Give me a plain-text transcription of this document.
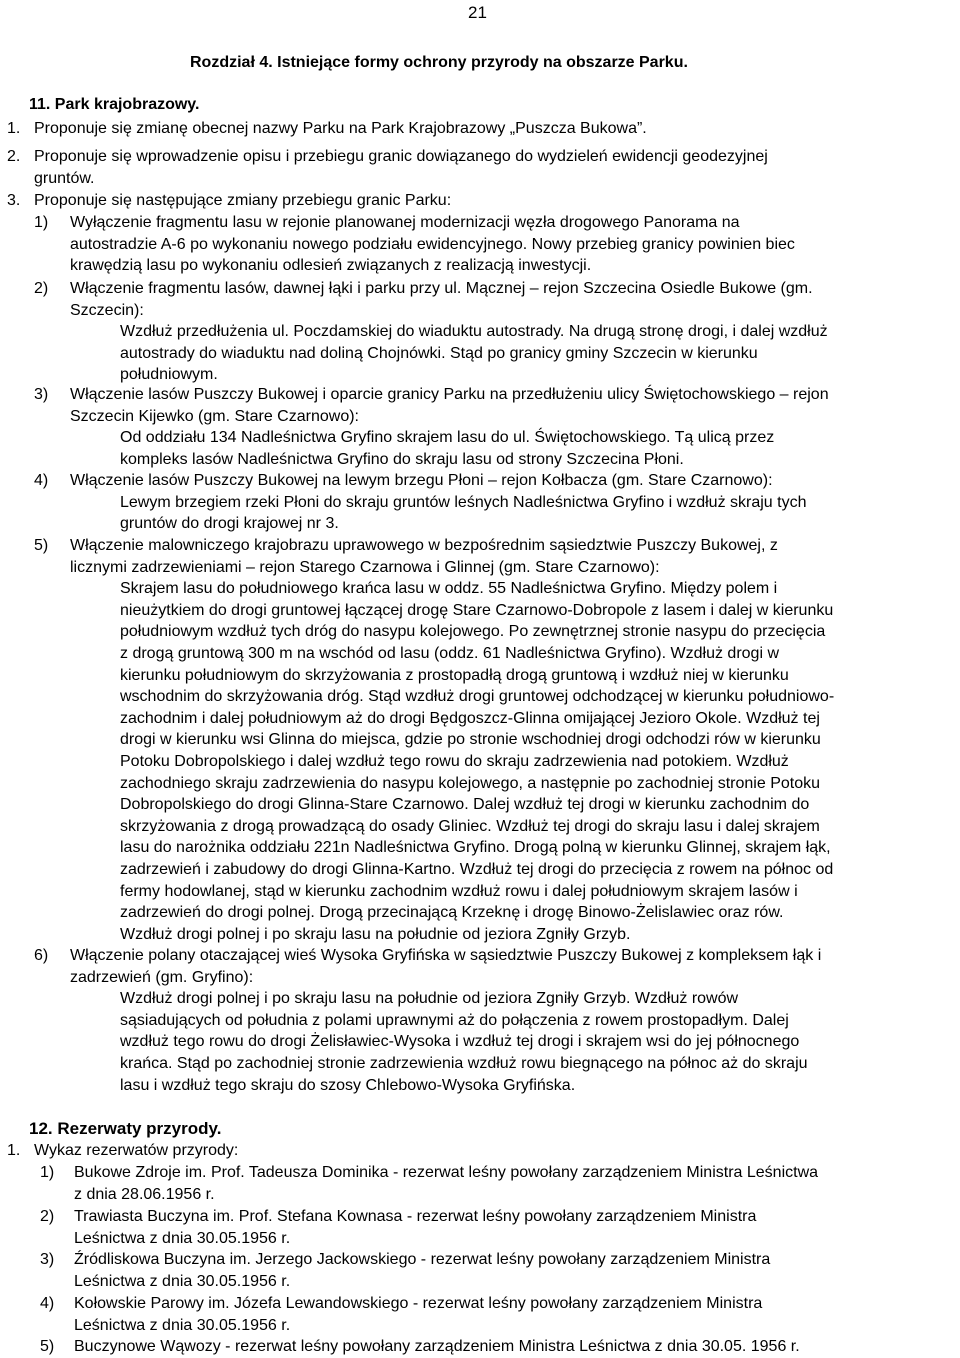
21
Rozdział 4. Istniejące formy ochrony przyrody na obszarze Parku.
11. Park krajobrazowy.
1. Proponuje się zmianę obecnej nazwy Parku na Park Krajobrazowy „Puszcza Bukowa”.
2. Proponuje się wprowadzenie opisu i przebiegu granic dowiązanego do wydzieleń ewidencji geodezyjnej
gruntów.
3. Proponuje się następujące zmiany przebiegu granic Parku:
1) Wyłączenie fragmentu lasu w rejonie planowanej modernizacji węzła drogowego Panorama na
autostradzie A-6 po wykonaniu nowego podziału ewidencyjnego. Nowy przebieg granicy powinien biec
krawędzią lasu po wykonaniu odlesień związanych z realizacją inwestycji.
2) Włączenie fragmentu lasów, dawnej łąki i parku przy ul. Mącznej – rejon Szczecina Osiedle Bukowe (gm.
Szczecin):
Wzdłuż przedłużenia ul. Poczdamskiej do wiaduktu autostrady. Na drugą stronę drogi, i dalej wzdłuż
autostrady do wiaduktu nad doliną Chojnówki. Stąd po granicy gminy Szczecin w kierunku
południowym.
3) Włączenie lasów Puszczy Bukowej i oparcie granicy Parku na przedłużeniu ulicy Świętochowskiego – rejon
Szczecin Kijewko (gm. Stare Czarnowo):
Od oddziału 134 Nadleśnictwa Gryfino skrajem lasu do ul. Świętochowskiego. Tą ulicą przez
kompleks lasów Nadleśnictwa Gryfino do skraju lasu od strony Szczecina Płoni.
4) Włączenie lasów Puszczy Bukowej na lewym brzegu Płoni – rejon Kołbacza (gm. Stare Czarnowo):
Lewym brzegiem rzeki Płoni do skraju gruntów leśnych Nadleśnictwa Gryfino i wzdłuż skraju tych
gruntów do drogi krajowej nr 3.
5) Włączenie malowniczego krajobrazu uprawowego w bezpośrednim sąsiedztwie Puszczy Bukowej, z
licznymi zadrzewieniami – rejon Starego Czarnowa i Glinnej (gm. Stare Czarnowo):
Skrajem lasu do południowego krańca lasu w oddz. 55 Nadleśnictwa Gryfino. Między polem i
nieużytkiem do drogi gruntowej łączącej drogę Stare Czarnowo-Dobropole z lasem i dalej w kierunku
południowym wzdłuż tych dróg do nasypu kolejowego. Po zewnętrznej stronie nasypu do przecięcia
z drogą gruntową 300 m na wschód od lasu (oddz. 61 Nadleśnictwa Gryfino). Wzdłuż drogi w
kierunku południowym do skrzyżowania z prostopadłą drogą gruntową i wzdłuż niej w kierunku
wschodnim do skrzyżowania dróg. Stąd wzdłuż drogi gruntowej odchodzącej w kierunku południowo-
zachodnim i dalej południowym aż do drogi Będgoszcz-Glinna omijającej Jezioro Okole. Wzdłuż tej
drogi w kierunku wsi Glinna do miejsca, gdzie po stronie wschodniej drogi odchodzi rów w kierunku
Potoku Dobropolskiego i dalej wzdłuż tego rowu do skraju zadrzewienia nad potokiem. Wzdłuż
zachodniego skraju zadrzewienia do nasypu kolejowego, a następnie po zachodniej stronie Potoku
Dobropolskiego do drogi Glinna-Stare Czarnowo. Dalej wzdłuż tej drogi w kierunku zachodnim do
skrzyżowania z drogą prowadzącą do osady Gliniec. Wzdłuż tej drogi do skraju lasu i dalej skrajem
lasu do narożnika oddziału 221n Nadleśnictwa Gryfino. Drogą polną w kierunku Glinnej, skrajem łąk,
zadrzewień i zabudowy do drogi Glinna-Kartno. Wzdłuż tej drogi do przecięcia z rowem na północ od
fermy hodowlanej, stąd w kierunku zachodnim wzdłuż rowu i dalej południowym skrajem lasów i
zadrzewień do drogi polnej. Drogą przecinającą Krzeknę i drogę Binowo-Żelislawiec oraz rów.
Wzdłuż drogi polnej i po skraju lasu na południe od jeziora Zgniły Grzyb.
6) Włączenie polany otaczającej wieś Wysoka Gryfińska w sąsiedztwie Puszczy Bukowej z kompleksem łąk i
zadrzewień (gm. Gryfino):
Wzdłuż drogi polnej i po skraju lasu na południe od jeziora Zgniły Grzyb. Wzdłuż rowów
sąsiadujących od południa z polami uprawnymi aż do połączenia z rowem prostopadłym. Dalej
wzdłuż tego rowu do drogi Żelisławiec-Wysoka i wzdłuż tej drogi i skrajem wsi do jej północnego
krańca. Stąd po zachodniej stronie zadrzewienia wzdłuż rowu biegnącego na północ aż do skraju
lasu i wzdłuż tego skraju do szosy Chlebowo-Wysoka Gryfińska.
12. Rezerwaty przyrody.
1. Wykaz rezerwatów przyrody:
1) Bukowe Zdroje im. Prof. Tadeusza Dominika - rezerwat leśny powołany zarządzeniem Ministra Leśnictwa
z dnia 28.06.1956 r.
2) Trawiasta Buczyna im. Prof. Stefana Kownasa - rezerwat leśny powołany zarządzeniem Ministra
Leśnictwa z dnia 30.05.1956 r.
3) Źródliskowa Buczyna im. Jerzego Jackowskiego - rezerwat leśny powołany zarządzeniem Ministra
Leśnictwa z dnia 30.05.1956 r.
4) Kołowskie Parowy im. Józefa Lewandowskiego - rezerwat leśny powołany zarządzeniem Ministra
Leśnictwa z dnia 30.05.1956 r.
5) Buczynowe Wąwozy - rezerwat leśny powołany zarządzeniem Ministra Leśnictwa z dnia 30.05. 1956 r.
